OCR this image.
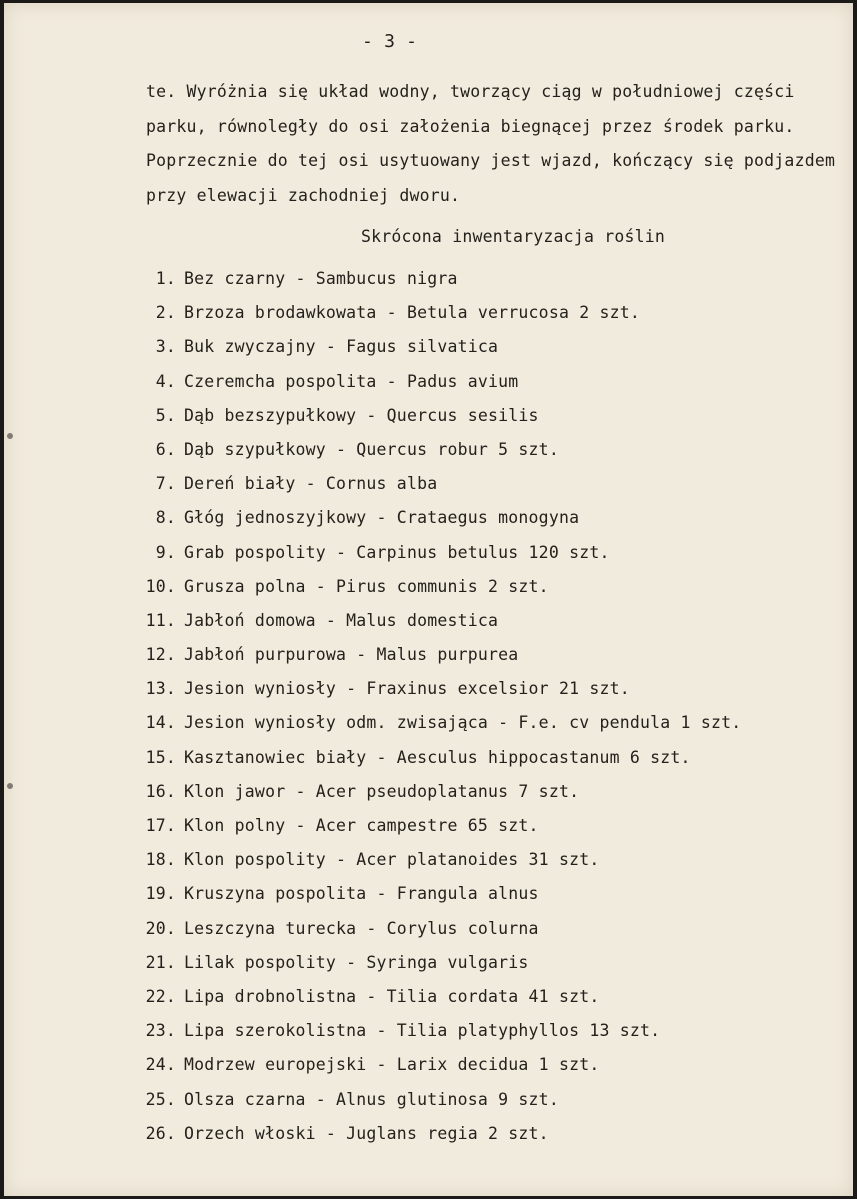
- 3 -
te. Wyróżnia się układ wodny, tworzący ciąg w południowej części
parku, równoległy do osi założenia biegnącej przez środek parku.
Poprzecznie do tej osi usytuowany jest wjazd, kończący się podjazdem
przy elewacji zachodniej dworu.
Skrócona inwentaryzacja roślin
1. Bez czarny - Sambucus nigra
2. Brzoza brodawkowata - Betula verrucosa 2 szt.
3. Buk zwyczajny - Fagus silvatica
4. Czeremcha pospolita - Padus avium
5. Dąb bezszypułkowy - Quercus sesilis
6. Dąb szypułkowy - Quercus robur 5 szt.
7. Dereń biały - Cornus alba
8. Głóg jednoszyjkowy - Crataegus monogyna
9. Grab pospolity - Carpinus betulus 120 szt.
10. Grusza polna - Pirus communis 2 szt.
11. Jabłoń domowa - Malus domestica
12. Jabłoń purpurowa - Malus purpurea
13. Jesion wyniosły - Fraxinus excelsior 21 szt.
14. Jesion wyniosły odm. zwisająca - F.e. cv pendula 1 szt.
15. Kasztanowiec biały - Aesculus hippocastanum 6 szt.
16. Klon jawor - Acer pseudoplatanus 7 szt.
17. Klon polny - Acer campestre 65 szt.
18. Klon pospolity - Acer platanoides 31 szt.
19. Kruszyna pospolita - Frangula alnus
20. Leszczyna turecka - Corylus colurna
21. Lilak pospolity - Syringa vulgaris
22. Lipa drobnolistna - Tilia cordata 41 szt.
23. Lipa szerokolistna - Tilia platyphyllos 13 szt.
24. Modrzew europejski - Larix decidua 1 szt.
25. Olsza czarna - Alnus glutinosa 9 szt.
26. Orzech włoski - Juglans regia 2 szt.
